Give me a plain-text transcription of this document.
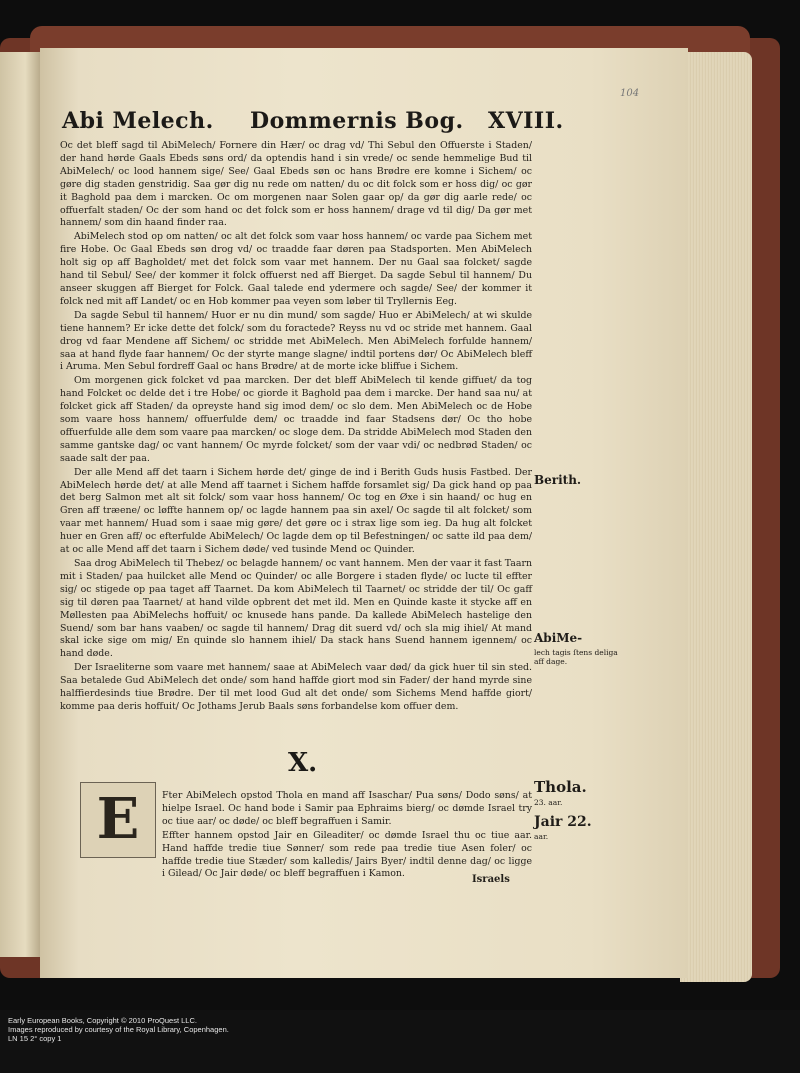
104
Abi Melech. Dommernis Bog. XVIII.

Oc det bleff sagd til AbiMelech/ Fornere din Hær/ oc drag vd/ Thi Sebul den Offuerste i Staden/ der hand hørde Gaals Ebeds søns ord/ da optendis hand i sin vrede/ oc sende hemmelige Bud til AbiMelech/ oc lood hannem sige/ See/ Gaal Ebeds søn oc hans Brødre ere komne i Sichem/ oc gøre dig staden genstridig. Saa gør dig nu rede om natten/ du oc dit folck som er hoss dig/ oc gør it Baghold paa dem i marcken. Oc om morgenen naar Solen gaar op/ da gør dig aarle rede/ oc offuerfalt staden/ Oc der som hand oc det folck som er hoss hannem/ drage vd til dig/ Da gør met hannem/ som din haand finder raa.

AbiMelech stod op om natten/ oc alt det folck som vaar hoss hannem/ oc varde paa Sichem met fire Hobe. Oc Gaal Ebeds søn drog vd/ oc traadde faar døren paa Stadsporten. Men AbiMelech holt sig op aff Bagholdet/ met det folck som vaar met hannem. Der nu Gaal saa folcket/ sagde hand til Sebul/ See/ der kommer it folck offuerst ned aff Bierget. Da sagde Sebul til hannem/ Du anseer skuggen aff Bierget for Folck. Gaal talede end ydermere och sagde/ See/ der kommer it folck ned mit aff Landet/ oc en Hob kommer paa veyen som løber til Tryllernis Eeg.

Da sagde Sebul til hannem/ Huor er nu din mund/ som sagde/ Huo er AbiMelech/ at wi skulde tiene hannem? Er icke dette det folck/ som du foractede? Reyss nu vd oc stride met hannem. Gaal drog vd faar Mendene aff Sichem/ oc stridde met AbiMelech. Men AbiMelech forfulde hannem/ saa at hand flyde faar hannem/ Oc der styrte mange slagne/ indtil portens dør/ Oc AbiMelech bleff i Aruma. Men Sebul fordreff Gaal oc hans Brødre/ at de morte icke bliffue i Sichem.

Om morgenen gick folcket vd paa marcken. Der det bleff AbiMelech til kende giffuet/ da tog hand Folcket oc delde det i tre Hobe/ oc giorde it Baghold paa dem i marcke. Der hand saa nu/ at folcket gick aff Staden/ da opreyste hand sig imod dem/ oc slo dem. Men AbiMelech oc de Hobe som vaare hoss hannem/ offuerfulde dem/ oc traadde ind faar Stadsens dør/ Oc tho hobe offuerfulde alle dem som vaare paa marcken/ oc sloge dem. Da stridde AbiMelech mod Staden den samme gantske dag/ oc vant hannem/ Oc myrde folcket/ som der vaar vdi/ oc nedbrød Staden/ oc saade salt der paa.

Der alle Mend aff det taarn i Sichem hørde det/ ginge de ind i Berith Guds husis Fastbed. Der AbiMelech hørde det/ at alle Mend aff taarnet i Sichem haffde forsamlet sig/ Da gick hand op paa det berg Salmon met alt sit folck/ som vaar hoss hannem/ Oc tog en Øxe i sin haand/ oc hug en Gren aff træene/ oc løffte hannem op/ oc lagde hannem paa sin axel/ Oc sagde til alt folcket/ som vaar met hannem/ Huad som i saae mig gøre/ det gøre oc i strax lige som ieg. Da hug alt folcket huer en Gren aff/ oc efterfulde AbiMelech/ Oc lagde dem op til Befestningen/ oc satte ild paa dem/ at oc alle Mend aff det taarn i Sichem døde/ ved tusinde Mend oc Quinder.

Saa drog AbiMelech til Thebez/ oc belagde hannem/ oc vant hannem. Men der vaar it fast Taarn mit i Staden/ paa huilcket alle Mend oc Quinder/ oc alle Borgere i staden flyde/ oc lucte til effter sig/ oc stigede op paa taget aff Taarnet. Da kom AbiMelech til Taarnet/ oc stridde der til/ Oc gaff sig til døren paa Taarnet/ at hand vilde opbrent det met ild. Men en Quinde kaste it stycke aff en Møllesten paa AbiMelechs hoffuit/ oc knusede hans pande. Da kallede AbiMelech hastelige den Suend/ som bar hans vaaben/ oc sagde til hannem/ Drag dit suerd vd/ och sla mig ihiel/ At mand skal icke sige om mig/ En quinde slo hannem ihiel/ Da stack hans Suend hannem igennem/ oc hand døde.

Der Israeliterne som vaare met hannem/ saae at AbiMelech vaar død/ da gick huer til sin sted. Saa betalede Gud AbiMelech det onde/ som hand haffde giort mod sin Fader/ der hand myrde sine halffierdesinds tiue Brødre. Der til met lood Gud alt det onde/ som Sichems Mend haffde giort/ komme paa deris hoffuit/ Oc Jothams Jerub Baals søns forbandelse kom offuer dem.

X.
E	Fter AbiMelech opstod Thola en mand aff Isaschar/ Pua søns/ Dodo søns/ at hielpe Israel. Oc hand bode i Samir paa Ephraims bierg/ oc dømde Israel try oc tiue aar/ oc døde/ oc bleff begraffuen i Samir.

Effter hannem opstod Jair en Gileaditer/ oc dømde Israel thu oc tiue aar. Hand haffde tredie tiue Sønner/ som rede paa tredie tiue Asen foler/ oc haffde tredie tiue Stæder/ som kalledis/ Jairs Byer/ indtil denne dag/ oc ligge i Gilead/ Oc Jair døde/ oc bleff begraffuen i Kamon.

Israels
Berith.
AbiMe-
lech tagis ſtens deliga aff dage.
Thola.
23. aar.
Jair 22.
aar.
Early European Books, Copyright © 2010 ProQuest LLC.
Images reproduced by courtesy of the Royal Library, Copenhagen.
LN 15 2° copy 1
